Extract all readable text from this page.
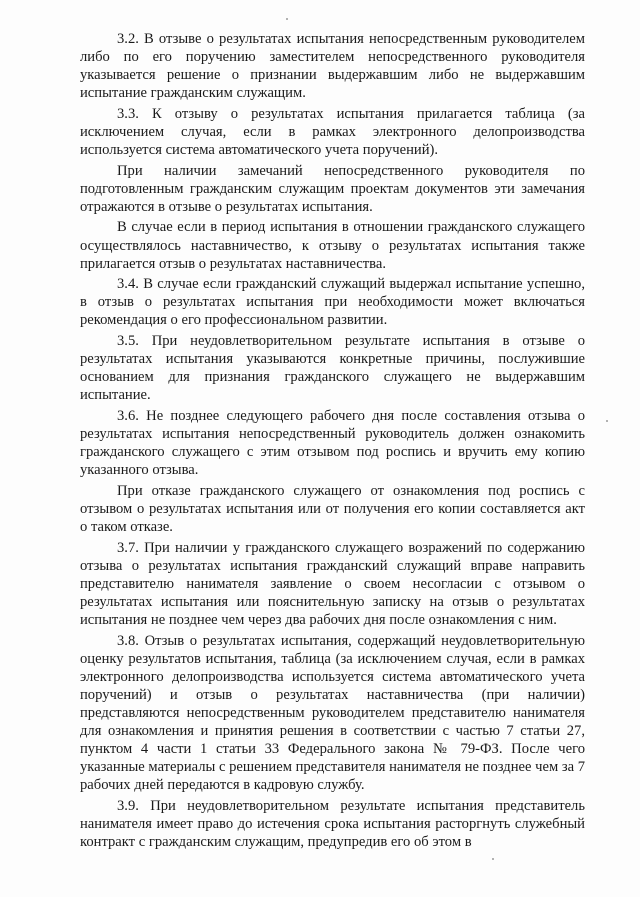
3.2. В отзыве о результатах испытания непосредственным руководителем либо по его поручению заместителем непосредственного руководителя указывается решение о признании выдержавшим либо не выдержавшим испытание гражданским служащим.

3.3. К отзыву о результатах испытания прилагается таблица (за исключением случая, если в рамках электронного делопроизводства используется система автоматического учета поручений).

При наличии замечаний непосредственного руководителя по подготовленным гражданским служащим проектам документов эти замечания отражаются в отзыве о результатах испытания.

В случае если в период испытания в отношении гражданского служащего осуществлялось наставничество, к отзыву о результатах испытания также прилагается отзыв о результатах наставничества.

3.4. В случае если гражданский служащий выдержал испытание успешно, в отзыв о результатах испытания при необходимости может включаться рекомендация о его профессиональном развитии.

3.5. При неудовлетворительном результате испытания в отзыве о результатах испытания указываются конкретные причины, послужившие основанием для признания гражданского служащего не выдержавшим испытание.

3.6. Не позднее следующего рабочего дня после составления отзыва о результатах испытания непосредственный руководитель должен ознакомить гражданского служащего с этим отзывом под роспись и вручить ему копию указанного отзыва.

При отказе гражданского служащего от ознакомления под роспись с отзывом о результатах испытания или от получения его копии составляется акт о таком отказе.

3.7. При наличии у гражданского служащего возражений по содержанию отзыва о результатах испытания гражданский служащий вправе направить представителю нанимателя заявление о своем несогласии с отзывом о результатах испытания или пояснительную записку на отзыв о результатах испытания не позднее чем через два рабочих дня после ознакомления с ним.

3.8. Отзыв о результатах испытания, содержащий неудовлетворительную оценку результатов испытания, таблица (за исключением случая, если в рамках электронного делопроизводства используется система автоматического учета поручений) и отзыв о результатах наставничества (при наличии) представляются непосредственным руководителем представителю нанимателя для ознакомления и принятия решения в соответствии с частью 7 статьи 27, пунктом 4 части 1 статьи 33 Федерального закона № 79-ФЗ. После чего указанные материалы с решением представителя нанимателя не позднее чем за 7 рабочих дней передаются в кадровую службу.

3.9. При неудовлетворительном результате испытания представитель нанимателя имеет право до истечения срока испытания расторгнуть служебный контракт с гражданским служащим, предупредив его об этом в
